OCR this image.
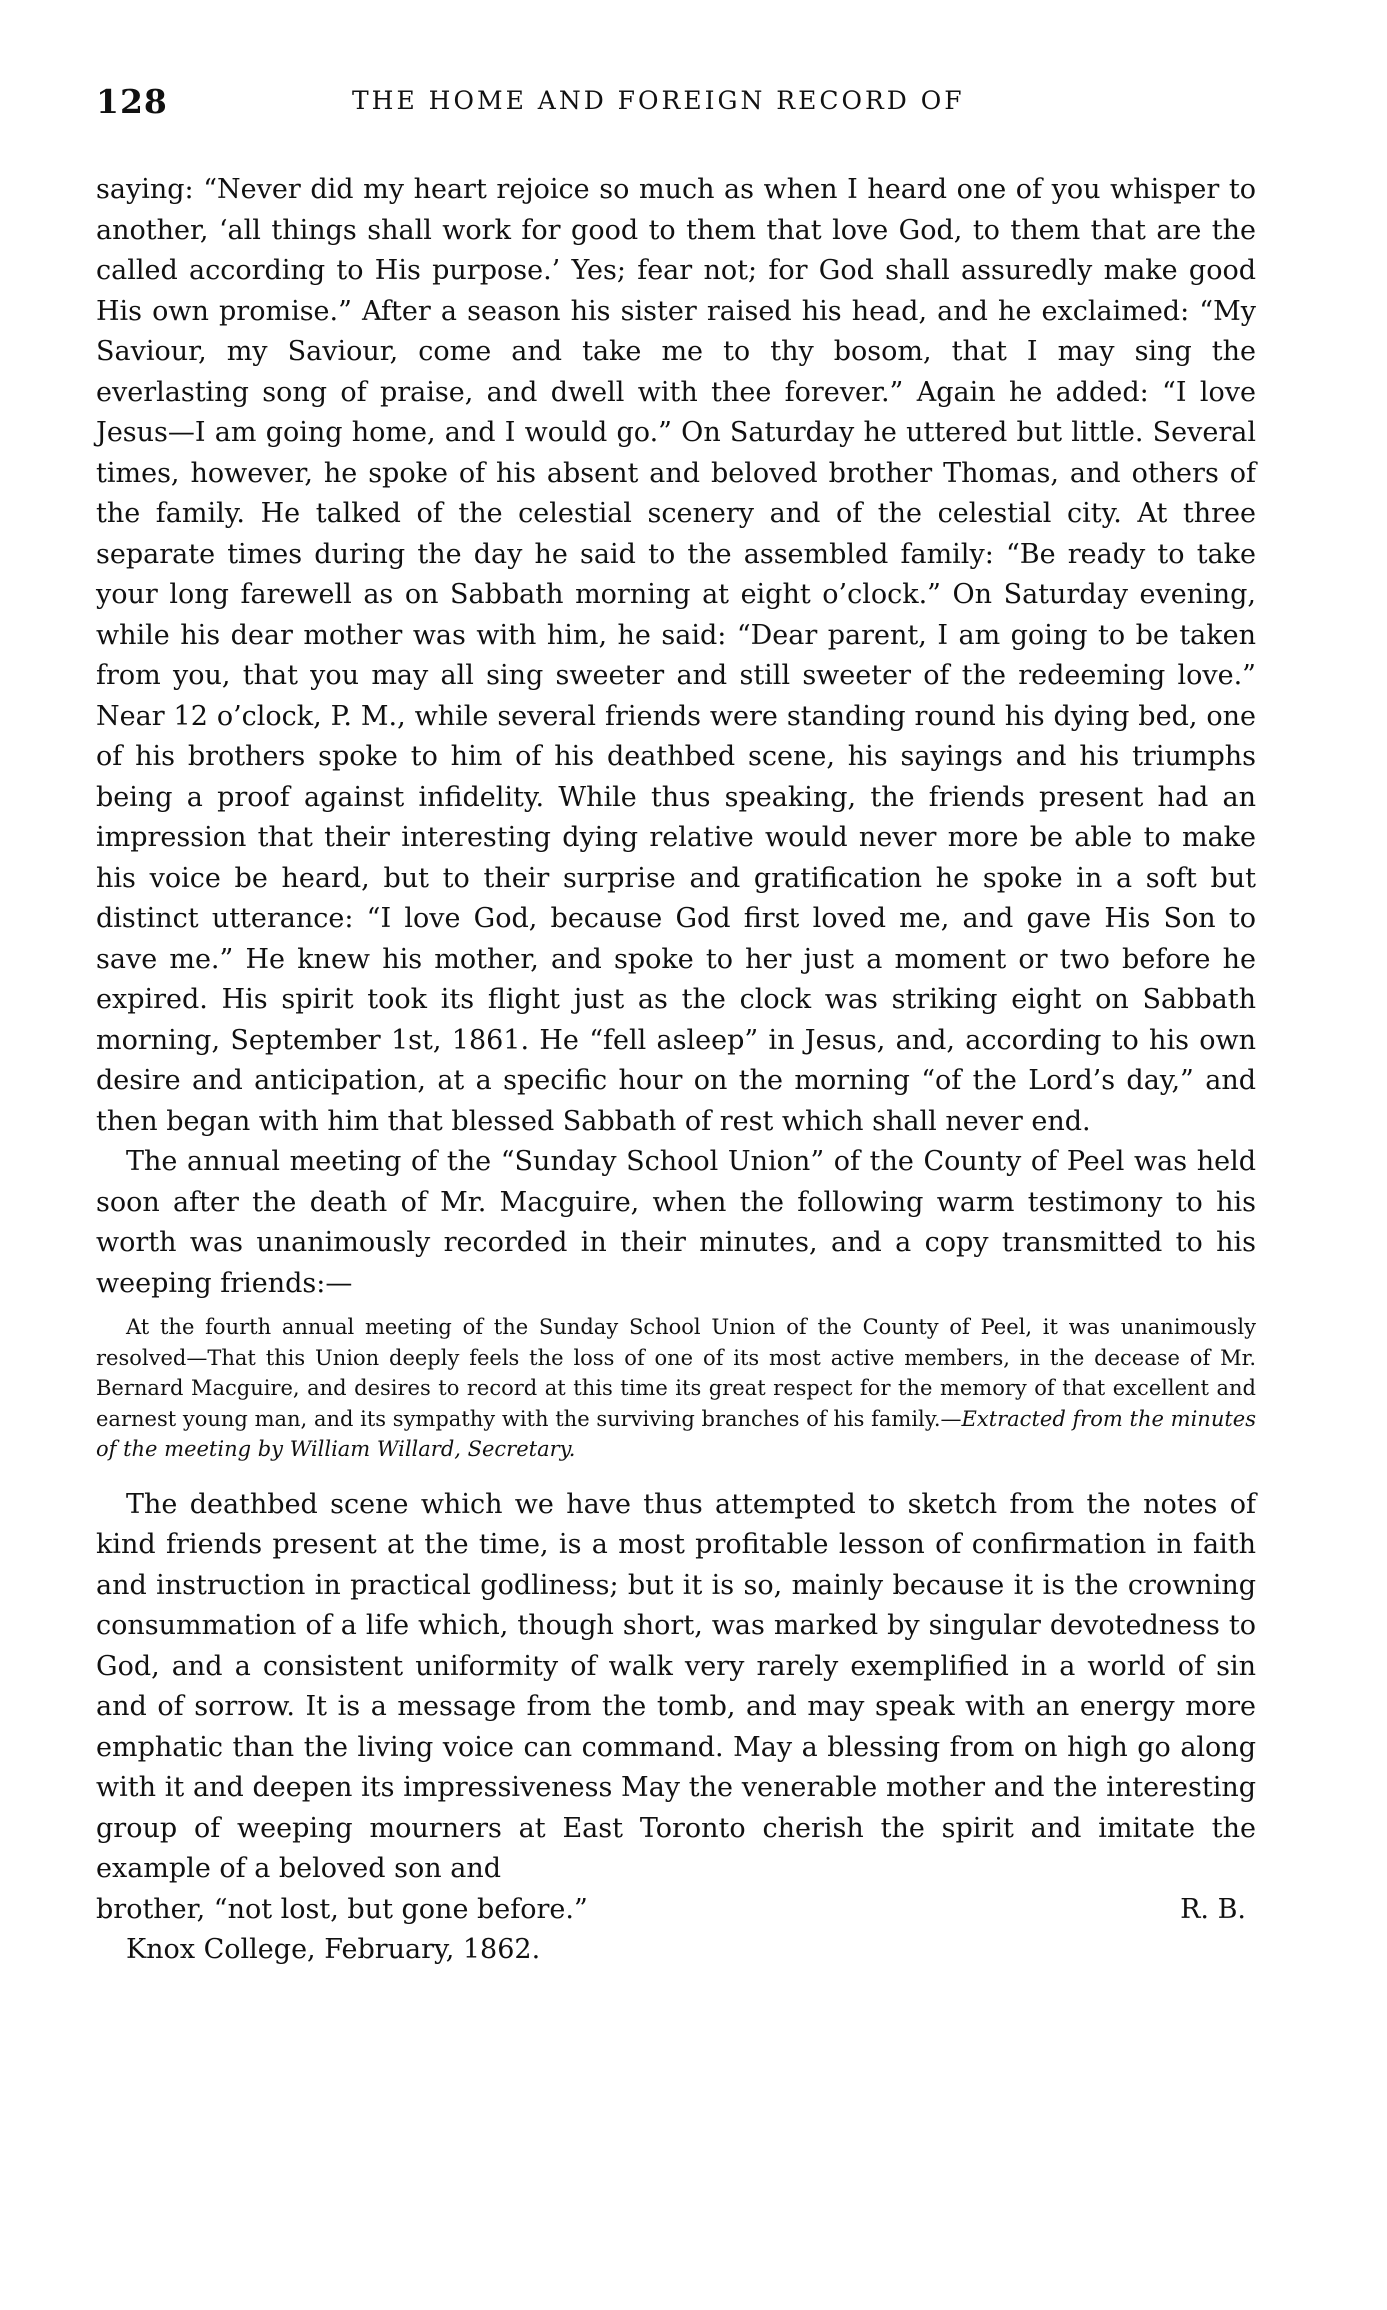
128	THE HOME AND FOREIGN RECORD OF

saying: “Never did my heart rejoice so much as when I heard one of you whisper to another, ‘all things shall work for good to them that love God, to them that are the called according to His purpose.’ Yes; fear not; for God shall assuredly make good His own promise.” After a season his sister raised his head, and he exclaimed: “My Saviour, my Saviour, come and take me to thy bosom, that I may sing the everlasting song of praise, and dwell with thee forever.” Again he added: “I love Jesus—I am going home, and I would go.” On Saturday he uttered but little. Several times, however, he spoke of his absent and beloved brother Thomas, and others of the family. He talked of the celestial scenery and of the celestial city. At three separate times during the day he said to the assembled family: “Be ready to take your long farewell as on Sabbath morning at eight o’clock.” On Saturday evening, while his dear mother was with him, he said: “Dear parent, I am going to be taken from you, that you may all sing sweeter and still sweeter of the redeeming love.” Near 12 o’clock, P. M., while several friends were standing round his dying bed, one of his brothers spoke to him of his deathbed scene, his sayings and his triumphs being a proof against infidelity. While thus speaking, the friends present had an impression that their interesting dying relative would never more be able to make his voice be heard, but to their surprise and gratification he spoke in a soft but distinct utterance: “I love God, because God first loved me, and gave His Son to save me.” He knew his mother, and spoke to her just a moment or two before he expired. His spirit took its flight just as the clock was striking eight on Sabbath morning, September 1st, 1861. He “fell asleep” in Jesus, and, according to his own desire and anticipation, at a specific hour on the morning “of the Lord’s day,” and then began with him that blessed Sabbath of rest which shall never end.

The annual meeting of the “Sunday School Union” of the County of Peel was held soon after the death of Mr. Macguire, when the following warm testimony to his worth was unanimously recorded in their minutes, and a copy transmitted to his weeping friends:—

At the fourth annual meeting of the Sunday School Union of the County of Peel, it was unanimously resolved—That this Union deeply feels the loss of one of its most active members, in the decease of Mr. Bernard Macguire, and desires to record at this time its great respect for the memory of that excellent and earnest young man, and its sympathy with the surviving branches of his family.—Extracted from the minutes of the meeting by William Willard, Secretary.

The deathbed scene which we have thus attempted to sketch from the notes of kind friends present at the time, is a most profitable lesson of confirmation in faith and instruction in practical godliness; but it is so, mainly because it is the crowning consummation of a life which, though short, was marked by singular devotedness to God, and a consistent uniformity of walk very rarely exemplified in a world of sin and of sorrow. It is a message from the tomb, and may speak with an energy more emphatic than the living voice can command. May a blessing from on high go along with it and deepen its impressiveness May the venerable mother and the interesting group of weeping mourners at East Toronto cherish the spirit and imitate the example of a beloved son and

brother, “not lost, but gone before.”	R. B.
Knox College, February, 1862.
